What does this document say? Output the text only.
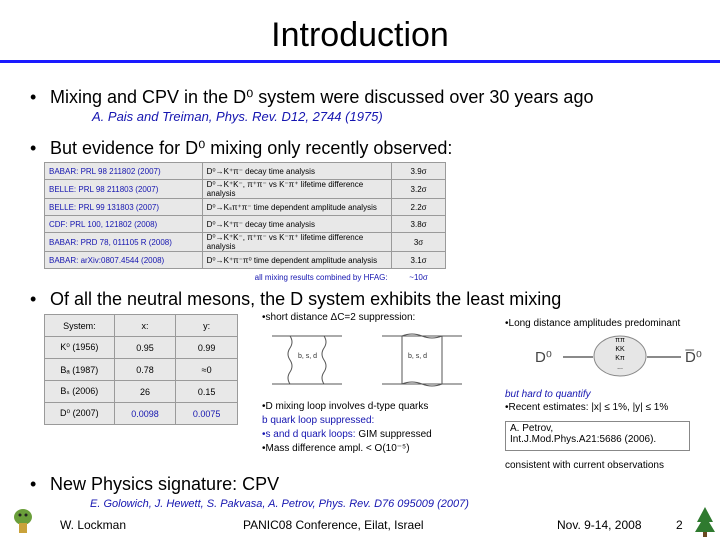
Introduction
• Mixing and CPV in the D⁰ system were discussed over 30 years ago
A. Pais and Treiman, Phys. Rev. D12, 2744 (1975)
• But evidence for D⁰ mixing only recently observed:
BABAR: PRL 98 211802 (2007)	D⁰→K⁺π⁻ decay time analysis	3.9σ
BELLE: PRL 98 211803 (2007)	D⁰→K⁺K⁻, π⁺π⁻ vs K⁻π⁺ lifetime difference analysis	3.2σ
BELLE: PRL 99 131803 (2007)	D⁰→Kₛπ⁺π⁻ time dependent amplitude analysis	2.2σ
CDF: PRL 100, 121802 (2008)	D⁰→K⁺π⁻ decay time analysis	3.8σ
BABAR: PRD 78, 011105 R (2008)	D⁰→K⁺K⁻, π⁺π⁻ vs K⁻π⁺ lifetime difference analysis	3σ
BABAR: arXiv:0807.4544 (2008)	D⁰→K⁺π⁻π⁰ time dependent amplitude analysis	3.1σ
	all mixing results combined by HFAG:	~10σ
• Of all the neutral mesons, the D system exhibits the least mixing
System:	x:	y:
K⁰ (1956)	0.95	0.99
Bₐ (1987)	0.78	≈0
Bₛ (2006)	26	0.15
D⁰ (2007)	0.0098	0.0075
•short distance ΔC=2 suppression:
b, s, d	b, s, d
•D mixing loop involves d-type quarks
b quark loop suppressed:
•s and d quark loops: GIM suppressed
•Mass difference ampl. < O(10⁻⁵)
•Long distance amplitudes predominant
D⁰	D̅⁰
ππ
KK
Kπ
...
but hard to quantify
•Recent estimates: |x| ≤ 1%, |y| ≤ 1%
A. Petrov,
Int.J.Mod.Phys.A21:5686 (2006).
consistent with current observations
• New Physics signature: CPV
E. Golowich, J. Hewett, S. Pakvasa, A. Petrov, Phys. Rev. D76 095009 (2007)
W. Lockman	PANIC08 Conference, Eilat, Israel	Nov. 9-14, 2008	2
